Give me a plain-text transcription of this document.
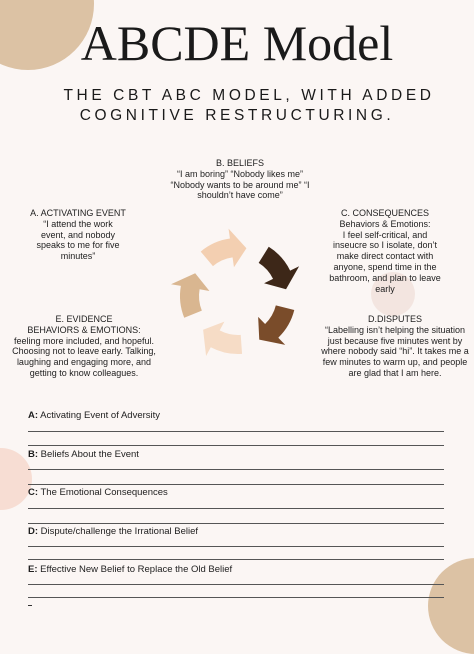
ABCDE Model
THE CBT ABC MODEL, WITH ADDED
COGNITIVE RESTRUCTURING.
B. BELIEFS
“I am boring” “Nobody likes me”
“Nobody wants to be around me” “I
shouldn’t have come”
A. ACTIVATING EVENT
“I attend the work
event, and nobody
speaks to me for five
minutes”
C. CONSEQUENCES
Behaviors & Emotions:
I feel self-critical, and
inseucre so I isolate, don’t
make direct contact with
anyone, spend time in the
bathroom, and plan to leave
early
E. EVIDENCE
BEHAVIORS & EMOTIONS:
feeling more included, and hopeful.
Choosing not to leave early. Talking,
laughing and engaging more, and
getting to know colleagues.
D.DISPUTES
“Labelling isn’t helping the situation
just because five minutes went by
where nobody said “hi”. It takes me a
few minutes to warm up, and people
are glad that I am here.
A: Activating Event of Adversity
B: Beliefs About the Event
C: The Emotional Consequences
D: Dispute/challenge the Irrational Belief
E: Effective New Belief to Replace the Old Belief
